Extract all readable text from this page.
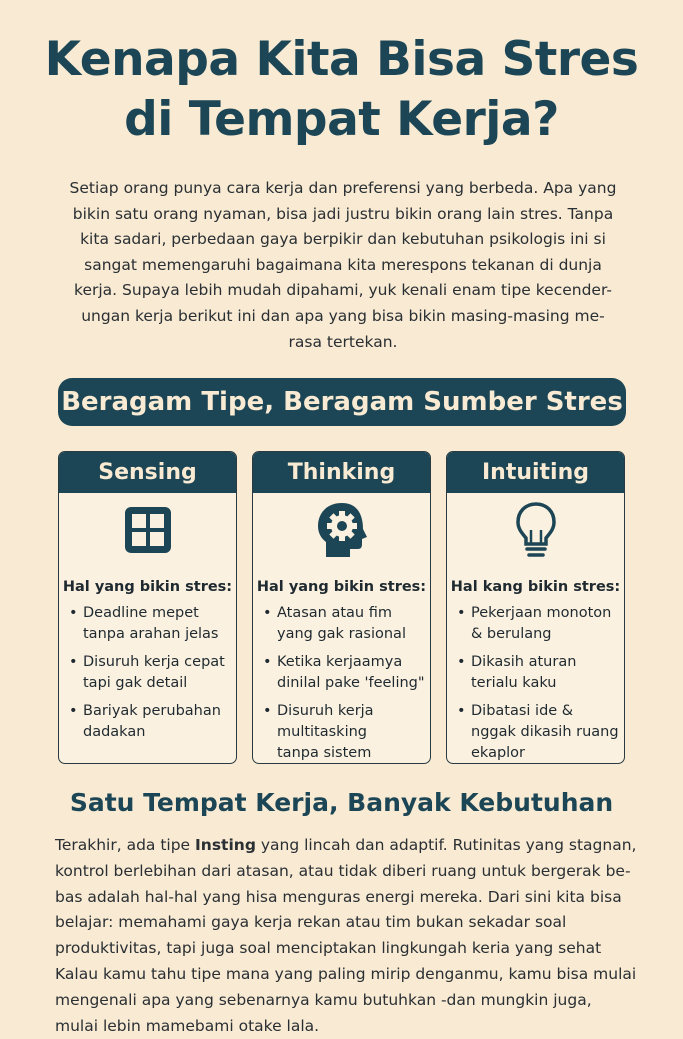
Kenapa Kita Bisa Stres
di Tempat Kerja?
Setiap orang punya cara kerja dan preferensi yang berbeda. Apa yang
bikin satu orang nyaman, bisa jadi justru bikin orang lain stres. Tanpa
kita sadari, perbedaan gaya berpikir dan kebutuhan psikologis ini si
sangat memengaruhi bagaimana kita merespons tekanan di dunja
kerja. Supaya lebih mudah dipahami, yuk kenali enam tipe kecender-
ungan kerja berikut ini dan apa yang bisa bikin masing-masing me-
rasa tertekan.
Beragam Tipe, Beragam Sumber Stres
Sensing
Hal yang bikin stres:
• Deadline mepet
tanpa arahan jelas
• Disuruh kerja cepat
tapi gak detail
• Bariyak perubahan
dadakan
Thinking
Hal yang bikin stres:
• Atasan atau fim
yang gak rasional
• Ketika kerjaamya
dinilal pake 'feeling"
• Disuruh kerja
multitasking
tanpa sistem
Intuiting
Hal kang bikin stres:
• Pekerjaan monoton
& berulang
• Dikasih aturan
terialu kaku
• Dibatasi ide &
nggak dikasih ruang
ekaplor
Satu Tempat Kerja, Banyak Kebutuhan
Terakhir, ada tipe Insting yang lincah dan adaptif. Rutinitas yang stagnan,
kontrol berlebihan dari atasan, atau tidak diberi ruang untuk bergerak be-
bas adalah hal-hal yang hisa menguras energi mereka. Dari sini kita bisa
belajar: memahami gaya kerja rekan atau tim bukan sekadar soal
produktivitas, tapi juga soal menciptakan lingkungah keria yang sehat
Kalau kamu tahu tipe mana yang paling mirip denganmu, kamu bisa mulai
mengenali apa yang sebenarnya kamu butuhkan -dan mungkin juga,
mulai lebin mamebami otake lala.
